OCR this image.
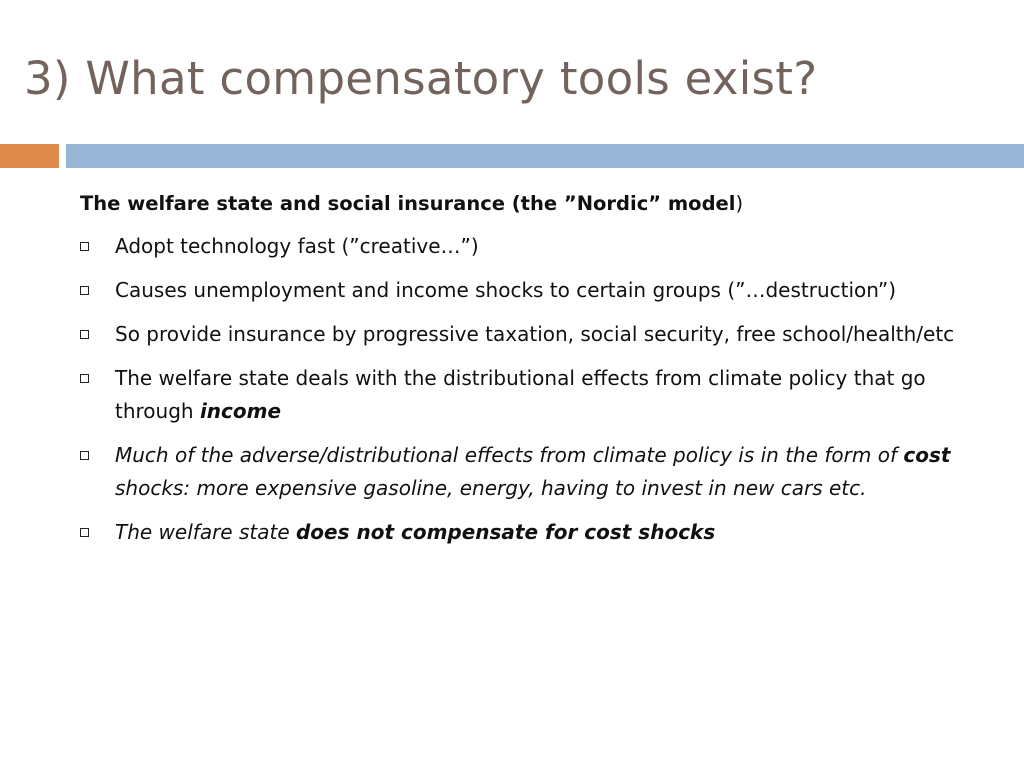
3) What compensatory tools exist?

The welfare state and social insurance (the ”Nordic” model)

Adopt technology fast (”creative…”)
Causes unemployment and income shocks to certain groups (”…destruction”)
So provide insurance by progressive taxation, social security, free school/health/etc
The welfare state deals with the distributional effects from climate policy that go through income
Much of the adverse/distributional effects from climate policy is in the form of cost shocks: more expensive gasoline, energy, having to invest in new cars etc.
The welfare state does not compensate for cost shocks
